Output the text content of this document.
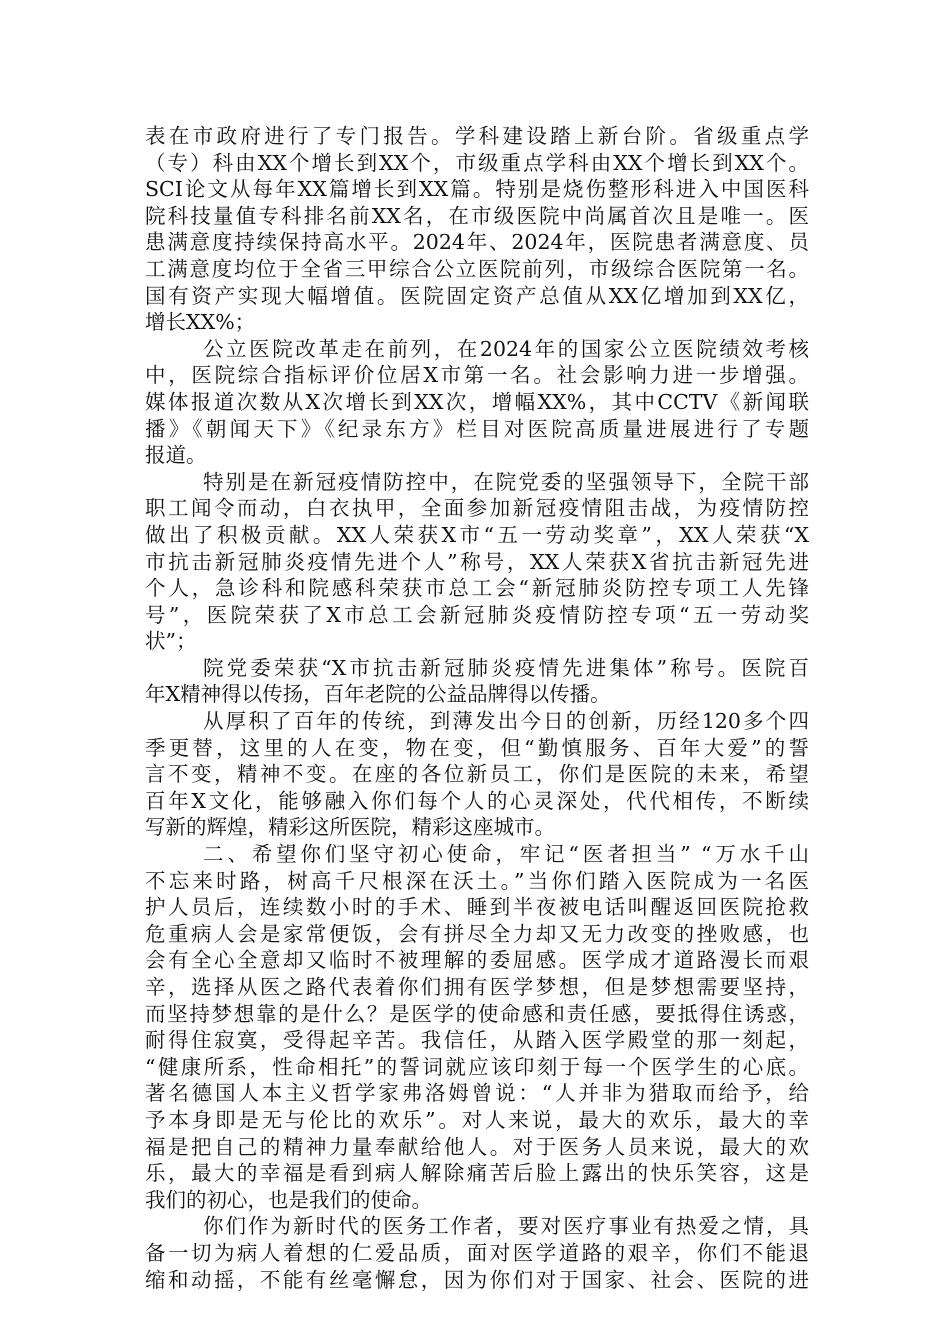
表在市政府进行了专门报告。学科建设踏上新台阶。省级重点学
（专）科由XX个增长到XX个，市级重点学科由XX个增长到XX个。
SCI论文从每年XX篇增长到XX篇。特别是烧伤整形科进入中国医科
院科技量值专科排名前XX名，在市级医院中尚属首次且是唯一。医
患满意度持续保持高水平。2024年、2024年，医院患者满意度、员
工满意度均位于全省三甲综合公立医院前列，市级综合医院第一名。
国有资产实现大幅增值。医院固定资产总值从XX亿增加到XX亿，
增长XX%；
公立医院改革走在前列，在2024年的国家公立医院绩效考核
中，医院综合指标评价位居X市第一名。社会影响力进一步增强。
媒体报道次数从X次增长到XX次，增幅XX%，其中CCTV《新闻联
播》《朝闻天下》《纪录东方》栏目对医院高质量进展进行了专题
报道。
特别是在新冠疫情防控中，在院党委的坚强领导下，全院干部
职工闻令而动，白衣执甲，全面参加新冠疫情阻击战，为疫情防控
做出了积极贡献。XX人荣获X市“五一劳动奖章”，XX人荣获“X
市抗击新冠肺炎疫情先进个人”称号，XX人荣获X省抗击新冠先进
个人，急诊科和院感科荣获市总工会“新冠肺炎防控专项工人先锋
号”，医院荣获了X市总工会新冠肺炎疫情防控专项“五一劳动奖
状”；
院党委荣获“X市抗击新冠肺炎疫情先进集体”称号。医院百
年X精神得以传扬，百年老院的公益品牌得以传播。
从厚积了百年的传统，到薄发出今日的创新，历经120多个四
季更替，这里的人在变，物在变，但“勤慎服务、百年大爱”的誓
言不变，精神不变。在座的各位新员工，你们是医院的未来，希望
百年X文化，能够融入你们每个人的心灵深处，代代相传，不断续
写新的辉煌，精彩这所医院，精彩这座城市。
二、希望你们坚守初心使命，牢记“医者担当” “万水千山
不忘来时路，树高千尺根深在沃土。”当你们踏入医院成为一名医
护人员后，连续数小时的手术、睡到半夜被电话叫醒返回医院抢救
危重病人会是家常便饭，会有拼尽全力却又无力改变的挫败感，也
会有全心全意却又临时不被理解的委屈感。医学成才道路漫长而艰
辛，选择从医之路代表着你们拥有医学梦想，但是梦想需要坚持，
而坚持梦想靠的是什么？是医学的使命感和责任感，要抵得住诱惑，
耐得住寂寞，受得起辛苦。我信任，从踏入医学殿堂的那一刻起，
“健康所系，性命相托”的誓词就应该印刻于每一个医学生的心底。
著名德国人本主义哲学家弗洛姆曾说：“人并非为猎取而给予，给
予本身即是无与伦比的欢乐”。对人来说，最大的欢乐，最大的幸
福是把自己的精神力量奉献给他人。对于医务人员来说，最大的欢
乐，最大的幸福是看到病人解除痛苦后脸上露出的快乐笑容，这是
我们的初心，也是我们的使命。
你们作为新时代的医务工作者，要对医疗事业有热爱之情，具
备一切为病人着想的仁爱品质，面对医学道路的艰辛，你们不能退
缩和动摇，不能有丝毫懈怠，因为你们对于国家、社会、医院的进
